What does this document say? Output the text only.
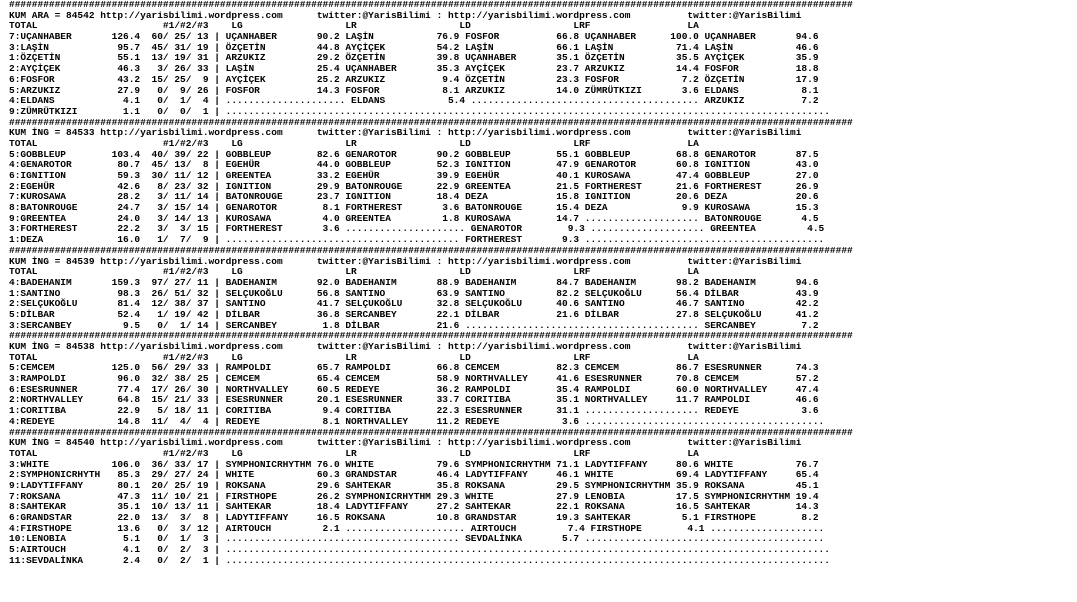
####################################################################################################################################################
KUM ARA = 84542 http://yarisbilimi.wordpress.com      twitter:@YarisBilimi : http://yarisbilimi.wordpress.com          twitter:@YarisBilimi
TOTAL                      #1/#2/#3    LG                  LR                  LD                  LRF                 LA
7:UÇANHABER       126.4  60/ 25/ 13 | UÇANHABER       90.2 LAŞİN           76.9 FOSFOR          66.8 UÇANHABER      100.0 UÇANHABER       94.6
3:LAŞİN            95.7  45/ 31/ 19 | ÖZÇETİN         44.8 AYÇİÇEK         54.2 LAŞİN           66.1 LAŞİN           71.4 LAŞİN           46.6
1:ÖZÇETİN          55.1  13/ 19/ 31 | ARZUKIZ         29.2 ÖZÇETİN         39.8 UÇANHABER       35.1 ÖZÇETİN         35.5 AYÇİÇEK         35.9
2:AYÇİÇEK          46.3   3/ 26/ 33 | LAŞİN           25.4 UÇANHABER       35.3 AYÇİÇEK         23.7 ARZUKIZ         14.4 FOSFOR          18.8
6:FOSFOR           43.2  15/ 25/  9 | AYÇİÇEK         25.2 ARZUKIZ          9.4 ÖZÇETİN         23.3 FOSFOR           7.2 ÖZÇETİN         17.9
5:ARZUKIZ          27.9   0/  9/ 26 | FOSFOR          14.3 FOSFOR           8.1 ARZUKIZ         14.0 ZÜMRÜTKIZI       3.6 ELDANS           8.1
4:ELDANS            4.1   0/  1/  4 | ..................... ELDANS           5.4 ........................................ ARZUKIZ          7.2
9:ZÜMRÜTKIZI        1.1   0/  0/  1 | ..........................................................................................................
####################################################################################################################################################
KUM İNG = 84533 http://yarisbilimi.wordpress.com      twitter:@YarisBilimi : http://yarisbilimi.wordpress.com          twitter:@YarisBilimi
TOTAL                      #1/#2/#3    LG                  LR                  LD                  LRF                 LA
5:GOBBLEUP        103.4  40/ 39/ 22 | GOBBLEUP        82.6 GENAROTOR       90.2 GOBBLEUP        55.1 GOBBLEUP        68.8 GENAROTOR       87.5
4:GENAROTOR        80.7  45/ 13/  8 | EGEHÜR          44.0 GOBBLEUP        52.3 IGNITION        47.9 GENAROTOR       60.8 IGNITION        43.0
6:IGNITION         59.3  30/ 11/ 12 | GREENTEA        33.2 EGEHÜR          39.9 EGEHÜR          40.1 KUROSAWA        47.4 GOBBLEUP        27.0
2:EGEHÜR           42.6   8/ 23/ 32 | IGNITION        29.9 BATONROUGE      22.9 GREENTEA        21.5 FORTHEREST      21.6 FORTHEREST      26.9
7:KUROSAWA         28.2   3/ 11/ 14 | BATONROUGE      23.7 IGNITION        18.4 DEZA            15.8 IGNITION        20.6 DEZA            20.6
8:BATONROUGE       24.7   3/ 15/ 14 | GENAROTOR        8.1 FORTHEREST       3.6 BATONROUGE      15.4 DEZA             9.9 KUROSAWA        15.3
9:GREENTEA         24.0   3/ 14/ 13 | KUROSAWA         4.0 GREENTEA         1.8 KUROSAWA        14.7 .................... BATONROUGE       4.5
3:FORTHEREST       22.2   3/  3/ 15 | FORTHEREST       3.6 ..................... GENAROTOR        9.3 .................... GREENTEA         4.5
1:DEZA             16.0   1/  7/  9 | ......................................... FORTHEREST       9.3 ..........................................
####################################################################################################################################################
KUM İNG = 84539 http://yarisbilimi.wordpress.com      twitter:@YarisBilimi : http://yarisbilimi.wordpress.com          twitter:@YarisBilimi
TOTAL                      #1/#2/#3    LG                  LR                  LD                  LRF                 LA
4:BADEHANIM       159.3  97/ 27/ 11 | BADEHANIM       92.0 BADEHANIM       88.9 BADEHANIM       84.7 BADEHANIM       98.2 BADEHANIM       94.6
1:SANTINO          98.3  26/ 51/ 32 | SELÇUKOĞLU      56.8 SANTINO         63.9 SANTINO         82.2 SELÇUKOĞLU      56.4 DİLBAR          43.9
2:SELÇUKOĞLU       81.4  12/ 38/ 37 | SANTINO         41.7 SELÇUKOĞLU      32.8 SELÇUKOĞLU      40.6 SANTINO         46.7 SANTINO         42.2
5:DİLBAR           52.4   1/ 19/ 42 | DİLBAR          36.8 SERCANBEY       22.1 DİLBAR          21.6 DİLBAR          27.8 SELÇUKOĞLU      41.2
3:SERCANBEY         9.5   0/  1/ 14 | SERCANBEY        1.8 DİLBAR          21.6 ......................................... SERCANBEY        7.2
####################################################################################################################################################
KUM İNG = 84538 http://yarisbilimi.wordpress.com      twitter:@YarisBilimi : http://yarisbilimi.wordpress.com          twitter:@YarisBilimi
TOTAL                      #1/#2/#3    LG                  LR                  LD                  LRF                 LA
5:CEMCEM          125.0  56/ 29/ 33 | RAMPOLDI        65.7 RAMPOLDI        66.8 CEMCEM          82.3 CEMCEM          86.7 ESESRUNNER      74.3
3:RAMPOLDI         96.0  32/ 38/ 25 | CEMCEM          65.4 CEMCEM          58.9 NORTHVALLEY     41.6 ESESRUNNER      70.8 CEMCEM          57.2
6:ESESRUNNER       77.4  17/ 26/ 30 | NORTHVALLEY     60.5 REDEYE          36.2 RAMPOLDI        35.4 RAMPOLDI        60.0 NORTHVALLEY     47.4
2:NORTHVALLEY      64.8  15/ 21/ 33 | ESESRUNNER      20.1 ESESRUNNER      33.7 CORITIBA        35.1 NORTHVALLEY     11.7 RAMPOLDI        46.6
1:CORITIBA         22.9   5/ 18/ 11 | CORITIBA         9.4 CORITIBA        22.3 ESESRUNNER      31.1 .................... REDEYE           3.6
4:REDEYE           14.8  11/  4/  4 | REDEYE           8.1 NORTHVALLEY     11.2 REDEYE           3.6 ..........................................
####################################################################################################################################################
KUM İNG = 84540 http://yarisbilimi.wordpress.com      twitter:@YarisBilimi : http://yarisbilimi.wordpress.com          twitter:@YarisBilimi
TOTAL                      #1/#2/#3    LG                  LR                  LD                  LRF                 LA
3:WHITE           106.0  36/ 33/ 17 | SYMPHONICRHYTHM 76.0 WHITE           79.6 SYMPHONICRHYTHM 71.1 LADYTIFFANY     80.6 WHITE           76.7
2:SYMPHONICRHYTH   85.3  29/ 27/ 24 | WHITE           60.3 GRANDSTAR       46.4 LADYTIFFANY     46.1 WHITE           69.4 LADYTIFFANY     65.4
9:LADYTIFFANY      80.1  20/ 25/ 19 | ROKSANA         29.6 SAHTEKAR        35.8 ROKSANA         29.5 SYMPHONICRHYTHM 35.9 ROKSANA         45.1
7:ROKSANA          47.3  11/ 10/ 21 | FIRSTHOPE       26.2 SYMPHONICRHYTHM 29.3 WHITE           27.9 LENOBIA         17.5 SYMPHONICRHYTHM 19.4
8:SAHTEKAR         35.1  10/ 13/ 11 | SAHTEKAR        18.4 LADYTIFFANY     27.2 SAHTEKAR        22.1 ROKSANA         16.5 SAHTEKAR        14.3
6:GRANDSTAR        22.0  13/  3/  8 | LADYTIFFANY     16.5 ROKSANA         10.8 GRANDSTAR       19.3 SAHTEKAR         5.1 FIRSTHOPE        8.2
4:FIRSTHOPE        13.6   0/  3/ 12 | AIRTOUCH         2.1 ..................... AIRTOUCH         7.4 FIRSTHOPE        4.1 ....................
10:LENOBIA          5.1   0/  1/  3 | ......................................... SEVDALİNKA       5.7 ..........................................
5:AIRTOUCH          4.1   0/  2/  3 | ..........................................................................................................
11:SEVDALİNKA       2.4   0/  2/  1 | ..........................................................................................................
